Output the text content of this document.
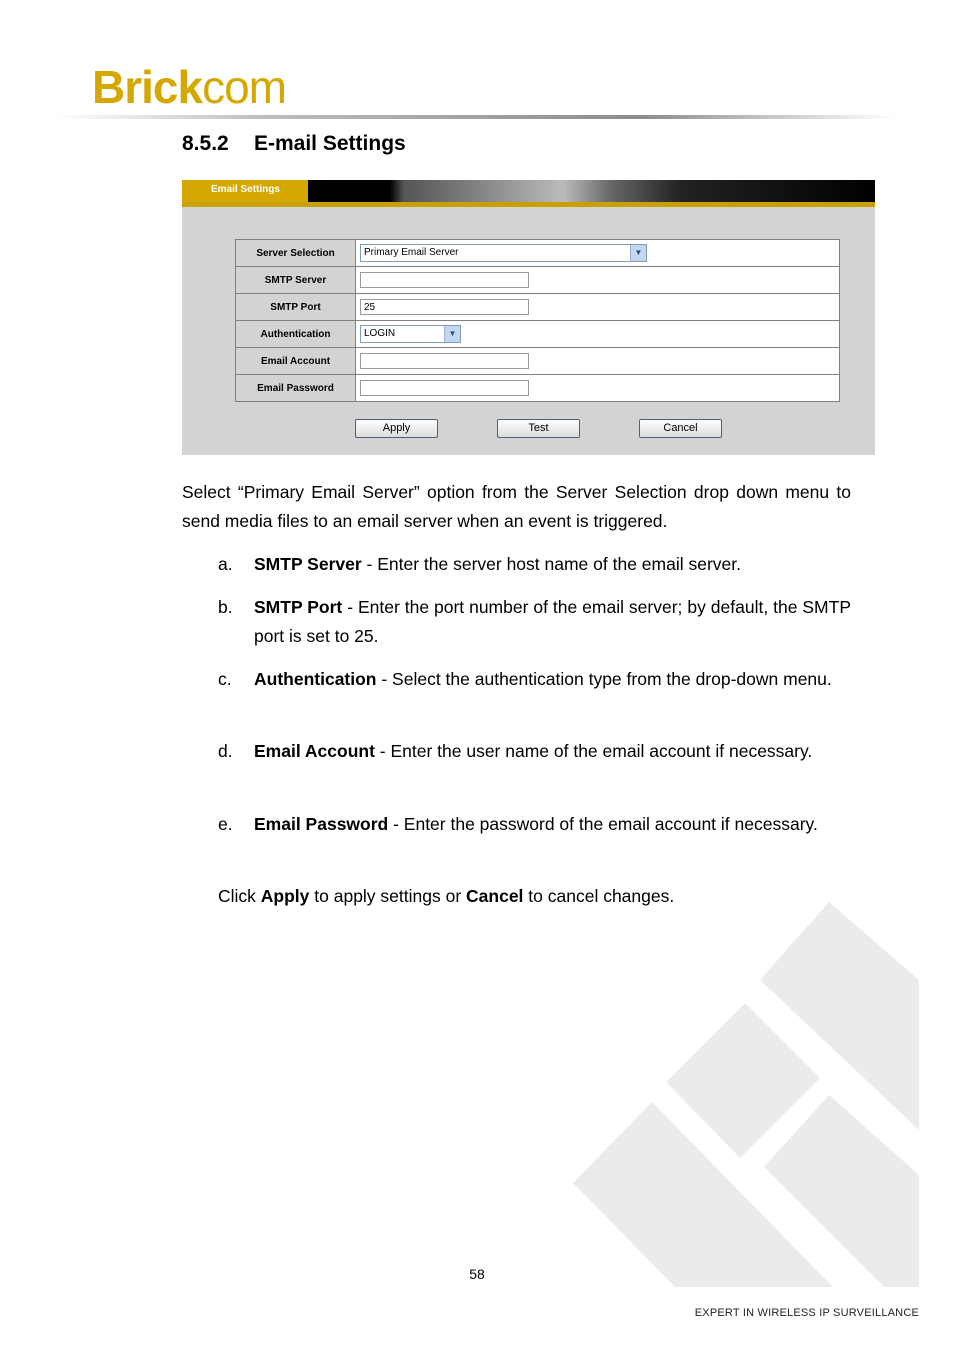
Brickcom
8.5.2 E-mail Settings
Email Settings
Server Selection	Primary Email Server ▼

SMTP Server	
SMTP Port	25
Authentication	LOGIN ▼

Email Account	
Email Password	
Apply	Test	Cancel
Select “Primary Email Server” option from the Server Selection drop down menu to send media files to an email server when an event is triggered.
a. SMTP Server - Enter the server host name of the email server.
b. SMTP Port - Enter the port number of the email server; by default, the SMTP port is set to 25.
c. Authentication - Select the authentication type from the drop-down menu.
d. Email Account - Enter the user name of the email account if necessary.
e. Email Password - Enter the password of the email account if necessary.
Click Apply to apply settings or Cancel to cancel changes.
58
EXPERT IN WIRELESS IP SURVEILLANCE
